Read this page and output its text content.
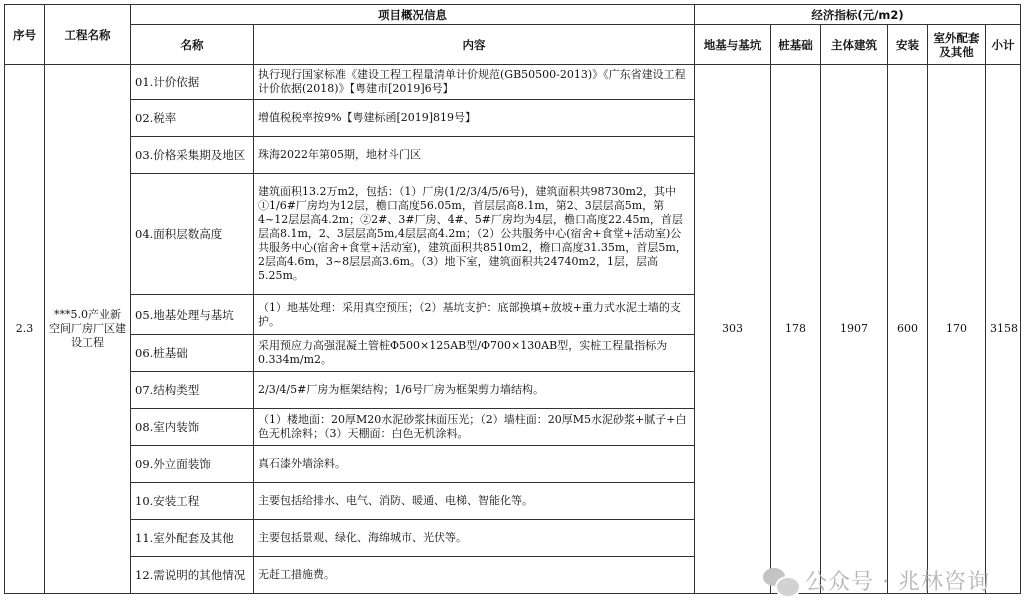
序号	工程名称	项目概况信息		经济指标(元/m2)					
		名称	内容	地基与基坑	桩基础	主体建筑	安装	室外配套及其他	小计
2.3	***5.0产业新空间厂房厂区建设工程	01.计价依据	执行现行国家标准《建设工程工程量清单计价规范(GB50500-2013)》《广东省建设工程计价依据(2018)》【粤建市[2019]6号】	303	178	1907	600	170	3158
		02.税率	增值税税率按9%【粤建标函[2019]819号】						
		03.价格采集期及地区	珠海2022年第05期，地材斗门区						
		04.面积层数高度	建筑面积13.2万m2，包括：（1）厂房(1/2/3/4/5/6号)，建筑面积共98730m2，其中①1/6#厂房均为12层，檐口高度56.05m，首层层高8.1m，第2、3层层高5m，第4~12层层高4.2m；②2#、3#厂房、4#、5#厂房均为4层，檐口高度22.45m，首层层高8.1m，2、3层层高5m,4层层高4.2m；（2）公共服务中心(宿舍+食堂+活动室)公共服务中心(宿舍+食堂+活动室)，建筑面积共8510m2，檐口高度31.35m，首层5m，2层高4.6m，3~8层层高3.6m。（3）地下室，建筑面积共24740m2，1层，层高5.25m。						
		05.地基处理与基坑	（1）地基处理：采用真空预压；（2）基坑支护：底部换填+放坡+重力式水泥土墙的支护。						
		06.桩基础	采用预应力高强混凝土管桩Φ500×125AB型/Φ700×130AB型，实桩工程量指标为0.334m/m2。						
		07.结构类型	2/3/4/5#厂房为框架结构；1/6号厂房为框架剪力墙结构。						
		08.室内装饰	（1）楼地面：20厚M20水泥砂浆抹面压光；（2）墙柱面：20厚M5水泥砂浆+腻子+白色无机涂料；（3）天棚面：白色无机涂料。						
		09.外立面装饰	真石漆外墙涂料。						
		10.安装工程	主要包括给排水、电气、消防、暖通、电梯、智能化等。						
		11.室外配套及其他	主要包括景观、绿化、海绵城市、光伏等。						
		12.需说明的其他情况	无赶工措施费。							公众号 · 兆林咨询
